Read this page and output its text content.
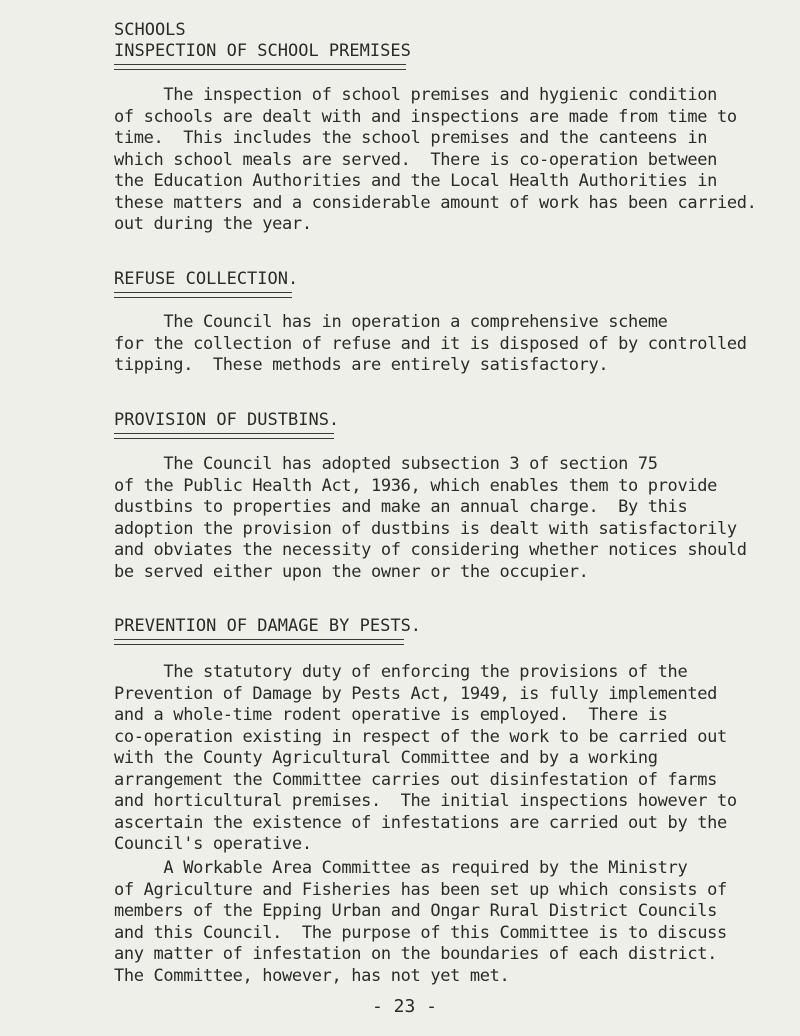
SCHOOLS
INSPECTION OF SCHOOL PREMISES
The inspection of school premises and hygienic condition
of schools are dealt with and inspections are made from time to
time.  This includes the school premises and the canteens in
which school meals are served.  There is co-operation between
the Education Authorities and the Local Health Authorities in
these matters and a considerable amount of work has been carried.
out during the year.
REFUSE COLLECTION.
The Council has in operation a comprehensive scheme
for the collection of refuse and it is disposed of by controlled
tipping.  These methods are entirely satisfactory.
PROVISION OF DUSTBINS.
The Council has adopted subsection 3 of section 75
of the Public Health Act, 1936, which enables them to provide
dustbins to properties and make an annual charge.  By this
adoption the provision of dustbins is dealt with satisfactorily
and obviates the necessity of considering whether notices should
be served either upon the owner or the occupier.
PREVENTION OF DAMAGE BY PESTS.
The statutory duty of enforcing the provisions of the
Prevention of Damage by Pests Act, 1949, is fully implemented
and a whole-time rodent operative is employed.  There is
co-operation existing in respect of the work to be carried out
with the County Agricultural Committee and by a working
arrangement the Committee carries out disinfestation of farms
and horticultural premises.  The initial inspections however to
ascertain the existence of infestations are carried out by the
Council's operative.
A Workable Area Committee as required by the Ministry
of Agriculture and Fisheries has been set up which consists of
members of the Epping Urban and Ongar Rural District Councils
and this Council.  The purpose of this Committee is to discuss
any matter of infestation on the boundaries of each district.
The Committee, however, has not yet met.
- 23 -
